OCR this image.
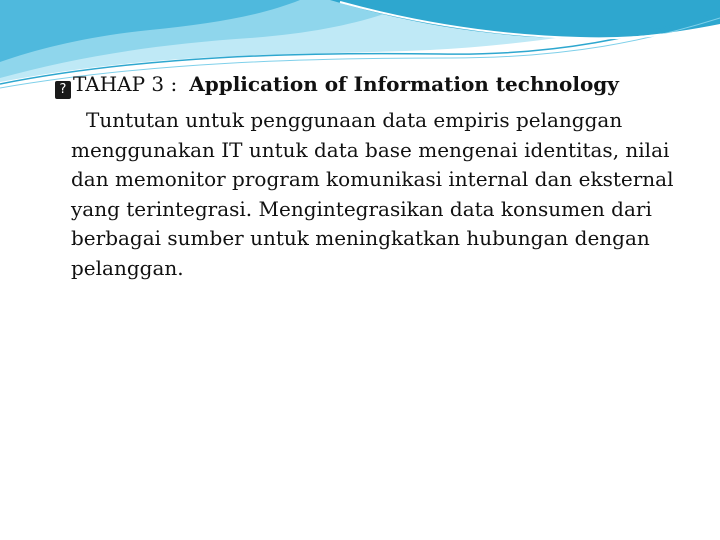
? TAHAP 3 : Application of Information technology
Tuntutan untuk penggunaan data empiris pelanggan menggunakan IT untuk data base mengenai identitas, nilai dan memonitor program komunikasi internal dan eksternal yang terintegrasi. Mengintegrasikan data konsumen dari berbagai sumber untuk meningkatkan hubungan dengan pelanggan.
